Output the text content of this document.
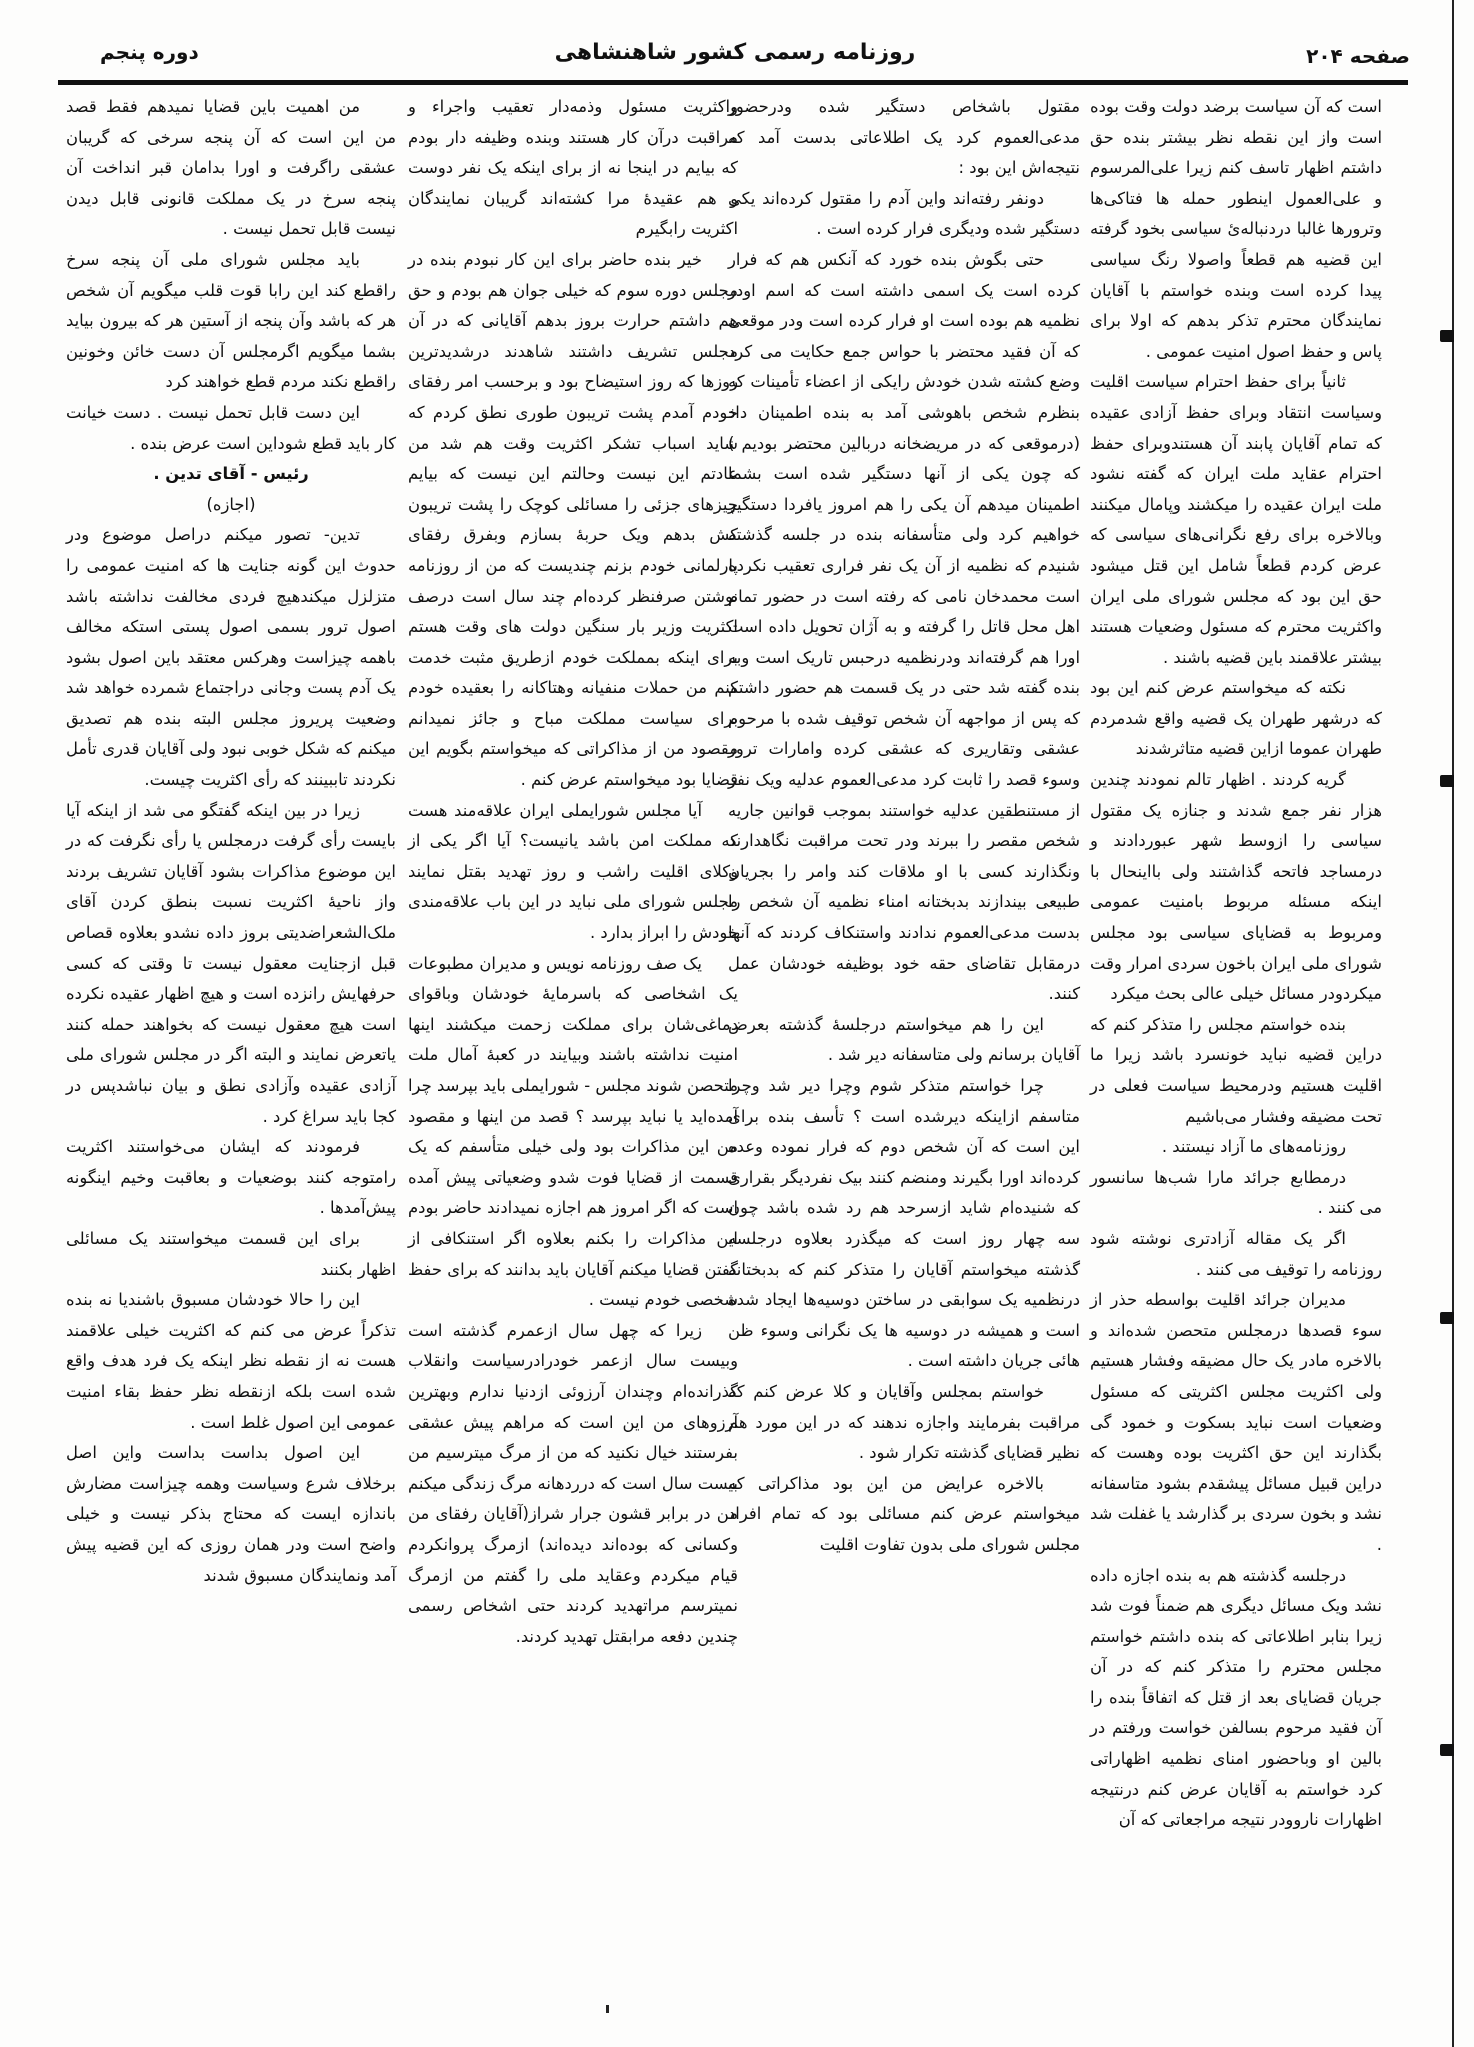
صفحه ۲۰۴
روزنامه رسمی کشور شاهنشاهی
دوره پنجم

است که آن سیاست برضد دولت وقت بوده است واز این نقطه نظر بیشتر بنده حق داشتم اظهار تاسف کنم زیرا علی‌المرسوم و علی‌العمول اینطور حمله ها فتاکی‌ها وترورها غالبا دردنباله‌ئ سیاسی بخود گرفته این قضیه هم قطعاً واصولا رنگ سیاسی پیدا کرده است وبنده خواستم با آقایان نمایندگان محترم تذکر بدهم که اولا برای پاس و حفظ اصول امنیت عمومی .

ثانیاً برای حفظ احترام سیاست اقلیت وسیاست انتقاد وبرای حفظ آزادی عقیده که تمام آقایان پابند آن هستندوبرای حفظ احترام عقاید ملت ایران که گفته نشود ملت ایران عقیده را میکشند وپامال میکنند وبالاخره برای رفع نگرانی‌های سیاسی که عرض کردم قطعاً شامل این قتل میشود حق این بود که مجلس شورای ملی ایران واکثریت محترم که مسئول وضعیات هستند بیشتر علاقمند باین قضیه باشند .

نکته که میخواستم عرض کنم این بود که درشهر طهران یک قضیه واقع شدمردم طهران عموما ازاین قضیه متاثرشدند

گریه کردند . اظهار تالم نمودند چندین هزار نفر جمع شدند و جنازه یک مقتول سیاسی را ازوسط شهر عبوردادند و درمساجد فاتحه گذاشتند ولی بااینحال با اینکه مسئله مربوط بامنیت عمومی ومربوط به قضایای سیاسی بود مجلس شورای ملی ایران باخون سردی امرار وقت میکردودر مسائل خیلی عالی بحث میکرد

بنده خواستم مجلس را متذکر کنم که دراین قضیه نباید خونسرد باشد زیرا ما اقلیت هستیم ودرمحیط سیاست فعلی در تحت مضیقه وفشار می‌باشیم

روزنامه‌های ما آزاد نیستند .

درمطابع جرائد مارا شب‌ها سانسور می کنند .

اگر یک مقاله آزادتری نوشته شود روزنامه را توقیف می کنند .

مدیران جرائد اقلیت بواسطه حذر از سوء قصدها درمجلس متحصن شده‌اند و بالاخره مادر یک حال مضیقه وفشار هستیم ولی اکثریت مجلس اکثریتی که مسئول وضعیات است نباید بسکوت و خمود گی بگذارند این حق اکثریت بوده وهست که دراین قبیل مسائل پیشقدم بشود متاسفانه نشد و بخون سردی بر گذارشد یا غفلت شد .

درجلسه گذشته هم به بنده اجازه داده نشد ویک مسائل دیگری هم ضمناً فوت شد زیرا بنابر اطلاعاتی که بنده داشتم خواستم مجلس محترم را متذکر کنم که در آن جریان قضایای بعد از قتل که اتفاقاً بنده را آن فقید مرحوم بسالفن خواست ورفتم در بالین او وباحضور امنای نظمیه اظهاراتی کرد خواستم به آقایان عرض کنم درنتیجه اظهارات ناروودر نتیجه مراجعاتی که آن

مقتول باشخاص دستگیر شده ودرحضور مدعی‌العموم کرد یک اطلاعاتی بدست آمد که نتیجه‌اش این بود :

دونفر رفته‌اند واین آدم را مقتول کرده‌اند یکی دستگیر شده ودیگری فرار کرده است .

حتی بگوش بنده خورد که آنکس هم که فرار کرده است یک اسمی داشته است که اسم اودر نظمیه هم بوده است او فرار کرده است ودر موقعی که آن فقید محتضر با حواس جمع حکایت می کرد وضع کشته شدن خودش رایکی از اعضاء تأمینات که بنظرم شخص باهوشی آمد به بنده اطمینان داد (درموقعی که در مریضخانه دربالین محتضر بودیم ) که چون یکی از آنها دستگیر شده است بشما اطمینان میدهم آن یکی را هم امروز یافردا دستگیر خواهیم کرد ولی متأسفانه بنده در جلسه گذشته شنیدم که نظمیه از آن یک نفر فراری تعقیب نکرده است محمدخان نامی که رفته است در حضور تمام اهل محل قاتل را گرفته و به آژان تحویل داده است اورا هم گرفته‌اند ودرنظمیه درحبس تاریک است وبه بنده گفته شد حتی در یک قسمت هم حضور داشتم که پس از مواجهه آن شخص توقیف شده با مرحوم عشقی وتقاریری که عشقی کرده وامارات ترور وسوء قصد را ثابت کرد مدعی‌العموم عدلیه ویک نفر از مستنطقین عدلیه خواستند بموجب قوانین جاریه شخص مقصر را ببرند ودر تحت مراقبت نگاهدارند ونگذارند کسی با او ملاقات کند وامر را بجریان طبیعی بیندازند بدبختانه امناء نظمیه آن شخص را بدست مدعی‌العموم ندادند واستنکاف کردند که آنها درمقابل تقاضای حقه خود بوظیفه خودشان عمل کنند.

این را هم میخواستم درجلسهٔ گذشته بعرض آقایان برسانم ولی متاسفانه دیر شد .

چرا خواستم متذکر شوم وچرا دیر شد وچرا متاسفم ازاینکه دیرشده است ؟ تأسف بنده برای این است که آن شخص دوم که فرار نموده وعده کرده‌اند اورا بگیرند ومنضم کنند بیک نفردیگر بقراری که شنیده‌ام شاید ازسرحد هم رد شده باشد چون سه چهار روز است که میگذرد بعلاوه درجلسه گذشته میخواستم آقایان را متذکر کنم که بدبختانه درنظمیه یک سوابقی در ساختن دوسیه‌ها ایجاد شده است و همیشه در دوسیه ها یک نگرانی وسوء ظن هائی جریان داشته است .

خواستم بمجلس وآقایان و کلا عرض کنم که مراقبت بفرمایند واجازه ندهند که در این مورد هم نظیر قضایای گذشته تکرار شود .

بالاخره عرایض من این بود مذاکراتی که میخواستم عرض کنم مسائلی بود که تمام افراد مجلس شورای ملی بدون تفاوت اقلیت

واکثریت مسئول وذمه‌دار تعقیب واجراء و مراقبت درآن کار هستند وبنده وظیفه دار بودم که بیایم در اینجا نه از برای اینکه یک نفر دوست و هم عقیدهٔ مرا کشته‌اند گریبان نمایندگان اکثریت رابگیرم

خیر بنده حاضر برای این کار نبودم بنده در مجلس دوره سوم که خیلی جوان هم بودم و حق هم داشتم حرارت بروز بدهم آقایانی که در آن مجلس تشریف داشتند شاهدند درشدیدترین روزها که روز استیضاح بود و برحسب امر رفقای خودم آمدم پشت تریبون طوری نطق کردم که شاید اسباب تشکر اکثریت وقت هم شد من عادتم این نیست وحالتم این نیست که بیایم چیزهای جزئی را مسائلی کوچک را پشت تریبون کش بدهم ویک حربهٔ بسازم وبفرق رفقای پارلمانی خودم بزنم چندیست که من از روزنامه نوشتن صرفنظر کرده‌ام چند سال است درصف اکثریت وزیر بار سنگین دولت های وقت هستم برای اینکه بمملکت خودم ازطریق مثبت خدمت کنم من حملات منفیانه وهتاکانه را بعقیده خودم برای سیاست مملکت مباح و جائز نمیدانم مقصود من از مذاکراتی که میخواستم بگویم این قضایا بود میخواستم عرض کنم .

آیا مجلس شورایملی ایران علاقه‌مند هست که مملکت امن باشد یانیست؟ آیا اگر یکی از وکلای اقلیت راشب و روز تهدید بقتل نمایند مجلس شورای ملی نباید در این باب علاقه‌مندی خودش را ابراز بدارد .

یک صف روزنامه نویس و مدیران مطبوعات یک اشخاصی که باسرمایهٔ خودشان وباقوای دماغی‌شان برای مملکت زحمت میکشند اینها امنیت نداشته باشند وبیایند در کعبهٔ آمال ملت متحصن شوند مجلس - شورایملی باید بپرسد چرا آمده‌اید یا نباید بپرسد ؟ قصد من اینها و مقصود من این مذاکرات بود ولی خیلی متأسفم که یک قسمت از قضایا فوت شدو وضعیاتی پیش آمده است که اگر امروز هم اجازه نمیدادند حاضر بودم این مذاکرات را بکنم بعلاوه اگر استنکافی از گفتن قضایا میکنم آقایان باید بدانند که برای حفظ شخصی خودم نیست .

زیرا که چهل سال ازعمرم گذشته است وبیست سال ازعمر خودرادرسیاست وانقلاب گذرانده‌ام وچندان آرزوئی ازدنیا ندارم وبهترین آرزوهای من این است که مراهم پیش عشقی بفرستند خیال نکنید که من از مرگ میترسیم من بیست سال است که درردهانه مرگ زندگی میکنم من در برابر قشون جرار شراز(آقایان رفقای من وکسانی که بوده‌اند دیده‌اند) ازمرگ پروانکردم قیام میکردم وعقاید ملی را گفتم من ازمرگ نمیترسم مراتهدید کردند حتی اشخاص رسمی چندین دفعه مرابقتل تهدید کردند.

من اهمیت باین قضایا نمیدهم فقط قصد من این است که آن پنجه سرخی که گریبان عشقی راگرفت و اورا بدامان قبر انداخت آن پنجه سرخ در یک مملکت قانونی قابل دیدن نیست قابل تحمل نیست .

باید مجلس شورای ملی آن پنجه سرخ راقطع کند این رابا قوت قلب میگویم آن شخص هر که باشد وآن پنجه از آستین هر که بیرون بیاید بشما میگویم اگرمجلس آن دست خائن وخونین راقطع نکند مردم قطع خواهند کرد

این دست قابل تحمل نیست . دست خیانت کار باید قطع شوداین است عرض بنده .

رئیس - آقای تدین .

(اجازه)

تدین- تصور میکنم دراصل موضوع ودر حدوث این گونه جنایت ها که امنیت عمومی را متزلزل میکندهیچ فردی مخالفت نداشته باشد اصول ترور بسمی اصول پستی استکه مخالف باهمه چیزاست وهرکس معتقد باین اصول بشود یک آدم پست وجانی دراجتماع شمرده خواهد شد وضعیت پریروز مجلس البته بنده هم تصدیق میکنم که شکل خوبی نبود ولی آقایان قدری تأمل نکردند تاببینند که رأی اکثریت چیست.

زیرا در بین اینکه گفتگو می شد از اینکه آیا بایست رأی گرفت درمجلس یا رأی نگرفت که در این موضوع مذاکرات بشود آقایان تشریف بردند واز ناحیهٔ اکثریت نسبت بنطق کردن آقای ملک‌الشعراضدیتی بروز داده نشدو بعلاوه قصاص قبل ازجنایت معقول نیست تا وقتی که کسی حرفهایش رانزده است و هیچ اظهار عقیده نکرده است هیچ معقول نیست که بخواهند حمله کنند یاتعرض نمایند و البته اگر در مجلس شورای ملی آزادی عقیده وآزادی نطق و بیان نباشدپس در کجا باید سراغ کرد .

فرمودند که ایشان می‌خواستند اکثریت رامتوجه کنند بوضعیات و بعاقبت وخیم اینگونه پیش‌آمدها .

برای این قسمت میخواستند یک مسائلی اظهار بکنند

این را حالا خودشان مسبوق باشندیا نه بنده تذکراً عرض می کنم که اکثریت خیلی علاقمند هست نه از نقطه نظر اینکه یک فرد هدف واقع شده است بلکه ازنقطه نظر حفظ بقاء امنیت عمومی این اصول غلط است .

این اصول بداست بداست واین اصل برخلاف شرع وسیاست وهمه چیزاست مضارش باندازه ایست که محتاج بذکر نیست و خیلی واضح است ودر همان روزی که این قضیه پیش آمد ونمایندگان مسبوق شدند
